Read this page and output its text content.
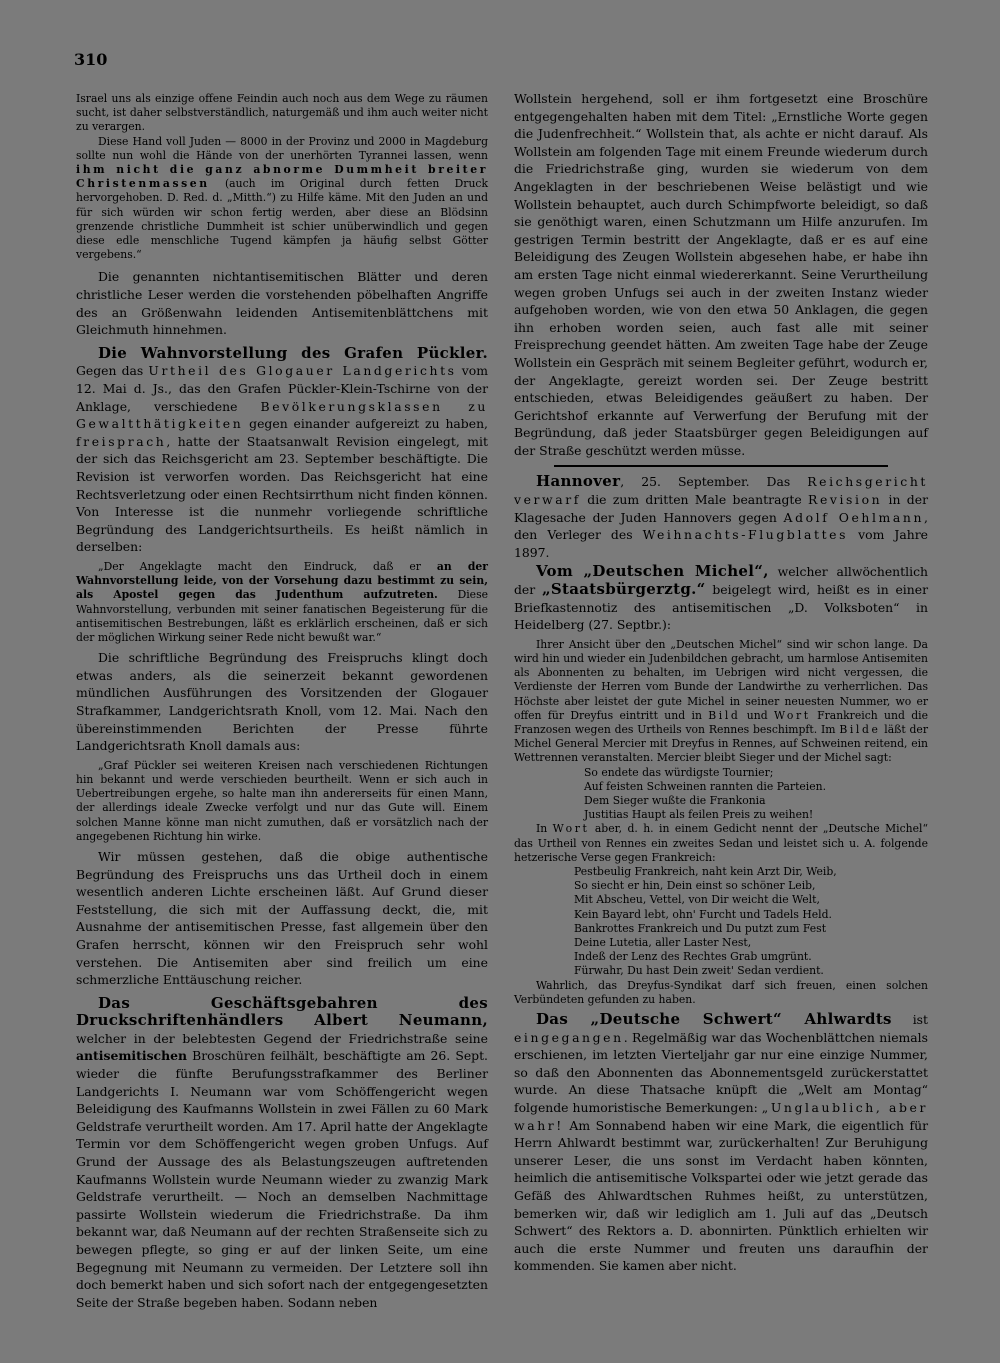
310

Israel uns als einzige offene Feindin auch noch aus dem Wege zu räumen sucht, ist daher selbstverständlich, naturgemäß und ihm auch weiter nicht zu verargen.

Diese Hand voll Juden — 8000 in der Provinz und 2000 in Magdeburg sollte nun wohl die Hände von der unerhörten Tyrannei lassen, wenn ihm nicht die ganz abnorme Dummheit breiter Christenmassen (auch im Original durch fetten Druck hervorgehoben. D. Red. d. „Mitth.“) zu Hilfe käme. Mit den Juden an und für sich würden wir schon fertig werden, aber diese an Blödsinn grenzende christliche Dummheit ist schier unüberwindlich und gegen diese edle menschliche Tugend kämpfen ja häufig selbst Götter vergebens.“

Die genannten nichtantisemitischen Blätter und deren christliche Leser werden die vorstehenden pöbelhaften Angriffe des an Größenwahn leidenden Antisemitenblättchens mit Gleichmuth hinnehmen.

Die Wahnvorstellung des Grafen Pückler. Gegen das Urtheil des Glogauer Landgerichts vom 12. Mai d. Js., das den Grafen Pückler-Klein-Tschirne von der Anklage, verschiedene Bevölkerungsklassen zu Gewaltthätigkeiten gegen einander aufgereizt zu haben, freisprach, hatte der Staatsanwalt Revision eingelegt, mit der sich das Reichsgericht am 23. September beschäftigte. Die Revision ist verworfen worden. Das Reichsgericht hat eine Rechtsverletzung oder einen Rechtsirrthum nicht finden können. Von Interesse ist die nunmehr vorliegende schriftliche Begründung des Landgerichtsurtheils. Es heißt nämlich in derselben:

„Der Angeklagte macht den Eindruck, daß er an der Wahnvorstellung leide, von der Vorsehung dazu bestimmt zu sein, als Apostel gegen das Judenthum aufzutreten. Diese Wahnvorstellung, verbunden mit seiner fanatischen Begeisterung für die antisemitischen Bestrebungen, läßt es erklärlich erscheinen, daß er sich der möglichen Wirkung seiner Rede nicht bewußt war.“

Die schriftliche Begründung des Freispruchs klingt doch etwas anders, als die seinerzeit bekannt gewordenen mündlichen Ausführungen des Vorsitzenden der Glogauer Strafkammer, Landgerichtsrath Knoll, vom 12. Mai. Nach den übereinstimmenden Berichten der Presse führte Landgerichtsrath Knoll damals aus:

„Graf Pückler sei weiteren Kreisen nach verschiedenen Richtungen hin bekannt und werde verschieden beurtheilt. Wenn er sich auch in Uebertreibungen ergehe, so halte man ihn andererseits für einen Mann, der allerdings ideale Zwecke verfolgt und nur das Gute will. Einem solchen Manne könne man nicht zumuthen, daß er vorsätzlich nach der angegebenen Richtung hin wirke.

Wir müssen gestehen, daß die obige authentische Begründung des Freispruchs uns das Urtheil doch in einem wesentlich anderen Lichte erscheinen läßt. Auf Grund dieser Feststellung, die sich mit der Auffassung deckt, die, mit Ausnahme der antisemitischen Presse, fast allgemein über den Grafen herrscht, können wir den Freispruch sehr wohl verstehen. Die Antisemiten aber sind freilich um eine schmerzliche Enttäuschung reicher.

Das Geschäftsgebahren des Druckschriftenhändlers Albert Neumann, welcher in der belebtesten Gegend der Friedrichstraße seine antisemitischen Broschüren feilhält, beschäftigte am 26. Sept. wieder die fünfte Berufungsstrafkammer des Berliner Landgerichts I. Neumann war vom Schöffengericht wegen Beleidigung des Kaufmanns Wollstein in zwei Fällen zu 60 Mark Geldstrafe verurtheilt worden. Am 17. April hatte der Angeklagte Termin vor dem Schöffengericht wegen groben Unfugs. Auf Grund der Aussage des als Belastungszeugen auftretenden Kaufmanns Wollstein wurde Neumann wieder zu zwanzig Mark Geldstrafe verurtheilt. — Noch an demselben Nachmittage passirte Wollstein wiederum die Friedrichstraße. Da ihm bekannt war, daß Neumann auf der rechten Straßenseite sich zu bewegen pflegte, so ging er auf der linken Seite, um eine Begegnung mit Neumann zu vermeiden. Der Letztere soll ihn doch bemerkt haben und sich sofort nach der entgegengesetzten Seite der Straße begeben haben. Sodann neben

Wollstein hergehend, soll er ihm fortgesetzt eine Broschüre entgegengehalten haben mit dem Titel: „Ernstliche Worte gegen die Judenfrechheit.“ Wollstein that, als achte er nicht darauf. Als Wollstein am folgenden Tage mit einem Freunde wiederum durch die Friedrichstraße ging, wurden sie wiederum von dem Angeklagten in der beschriebenen Weise belästigt und wie Wollstein behauptet, auch durch Schimpfworte beleidigt, so daß sie genöthigt waren, einen Schutzmann um Hilfe anzurufen. Im gestrigen Termin bestritt der Angeklagte, daß er es auf eine Beleidigung des Zeugen Wollstein abgesehen habe, er habe ihn am ersten Tage nicht einmal wiedererkannt. Seine Verurtheilung wegen groben Unfugs sei auch in der zweiten Instanz wieder aufgehoben worden, wie von den etwa 50 Anklagen, die gegen ihn erhoben worden seien, auch fast alle mit seiner Freisprechung geendet hätten. Am zweiten Tage habe der Zeuge Wollstein ein Gespräch mit seinem Begleiter geführt, wodurch er, der Angeklagte, gereizt worden sei. Der Zeuge bestritt entschieden, etwas Beleidigendes geäußert zu haben. Der Gerichtshof erkannte auf Verwerfung der Berufung mit der Begründung, daß jeder Staatsbürger gegen Beleidigungen auf der Straße geschützt werden müsse.

Hannover, 25. September. Das Reichsgericht verwarf die zum dritten Male beantragte Revision in der Klagesache der Juden Hannovers gegen Adolf Oehlmann, den Verleger des Weihnachts-Flugblattes vom Jahre 1897.

Vom „Deutschen Michel“, welcher allwöchentlich der „Staatsbürgerztg.“ beigelegt wird, heißt es in einer Briefkastennotiz des antisemitischen „D. Volksboten“ in Heidelberg (27. Septbr.):

Ihrer Ansicht über den „Deutschen Michel“ sind wir schon lange. Da wird hin und wieder ein Judenbildchen gebracht, um harmlose Antisemiten als Abonnenten zu behalten, im Uebrigen wird nicht vergessen, die Verdienste der Herren vom Bunde der Landwirthe zu verherrlichen. Das Höchste aber leistet der gute Michel in seiner neuesten Nummer, wo er offen für Dreyfus eintritt und in Bild und Wort Frankreich und die Franzosen wegen des Urtheils von Rennes beschimpft. Im Bilde läßt der Michel General Mercier mit Dreyfus in Rennes, auf Schweinen reitend, ein Wettrennen veranstalten. Mercier bleibt Sieger und der Michel sagt:

So endete das würdigste Tournier;

Auf feisten Schweinen rannten die Parteien.

Dem Sieger wußte die Frankonia

Justitias Haupt als feilen Preis zu weihen!

In Wort aber, d. h. in einem Gedicht nennt der „Deutsche Michel“ das Urtheil von Rennes ein zweites Sedan und leistet sich u. A. folgende hetzerische Verse gegen Frankreich:

Pestbeulig Frankreich, naht kein Arzt Dir, Weib,

So siecht er hin, Dein einst so schöner Leib,

Mit Abscheu, Vettel, von Dir weicht die Welt,

Kein Bayard lebt, ohn' Furcht und Tadels Held.

Bankrottes Frankreich und Du putzt zum Fest

Deine Lutetia, aller Laster Nest,

Indeß der Lenz des Rechtes Grab umgrünt.

Fürwahr, Du hast Dein zweit' Sedan verdient.

Wahrlich, das Dreyfus-Syndikat darf sich freuen, einen solchen Verbündeten gefunden zu haben.

Das „Deutsche Schwert“ Ahlwardts ist eingegangen. Regelmäßig war das Wochenblättchen niemals erschienen, im letzten Vierteljahr gar nur eine einzige Nummer, so daß den Abonnenten das Abonnementsgeld zurückerstattet wurde. An diese Thatsache knüpft die „Welt am Montag“ folgende humoristische Bemerkungen: „Unglaublich, aber wahr! Am Sonnabend haben wir eine Mark, die eigentlich für Herrn Ahlwardt bestimmt war, zurückerhalten! Zur Beruhigung unserer Leser, die uns sonst im Verdacht haben könnten, heimlich die antisemitische Volkspartei oder wie jetzt gerade das Gefäß des Ahlwardtschen Ruhmes heißt, zu unterstützen, bemerken wir, daß wir lediglich am 1. Juli auf das „Deutsch Schwert“ des Rektors a. D. abonnirten. Pünktlich erhielten wir auch die erste Nummer und freuten uns daraufhin der kommenden. Sie kamen aber nicht.
